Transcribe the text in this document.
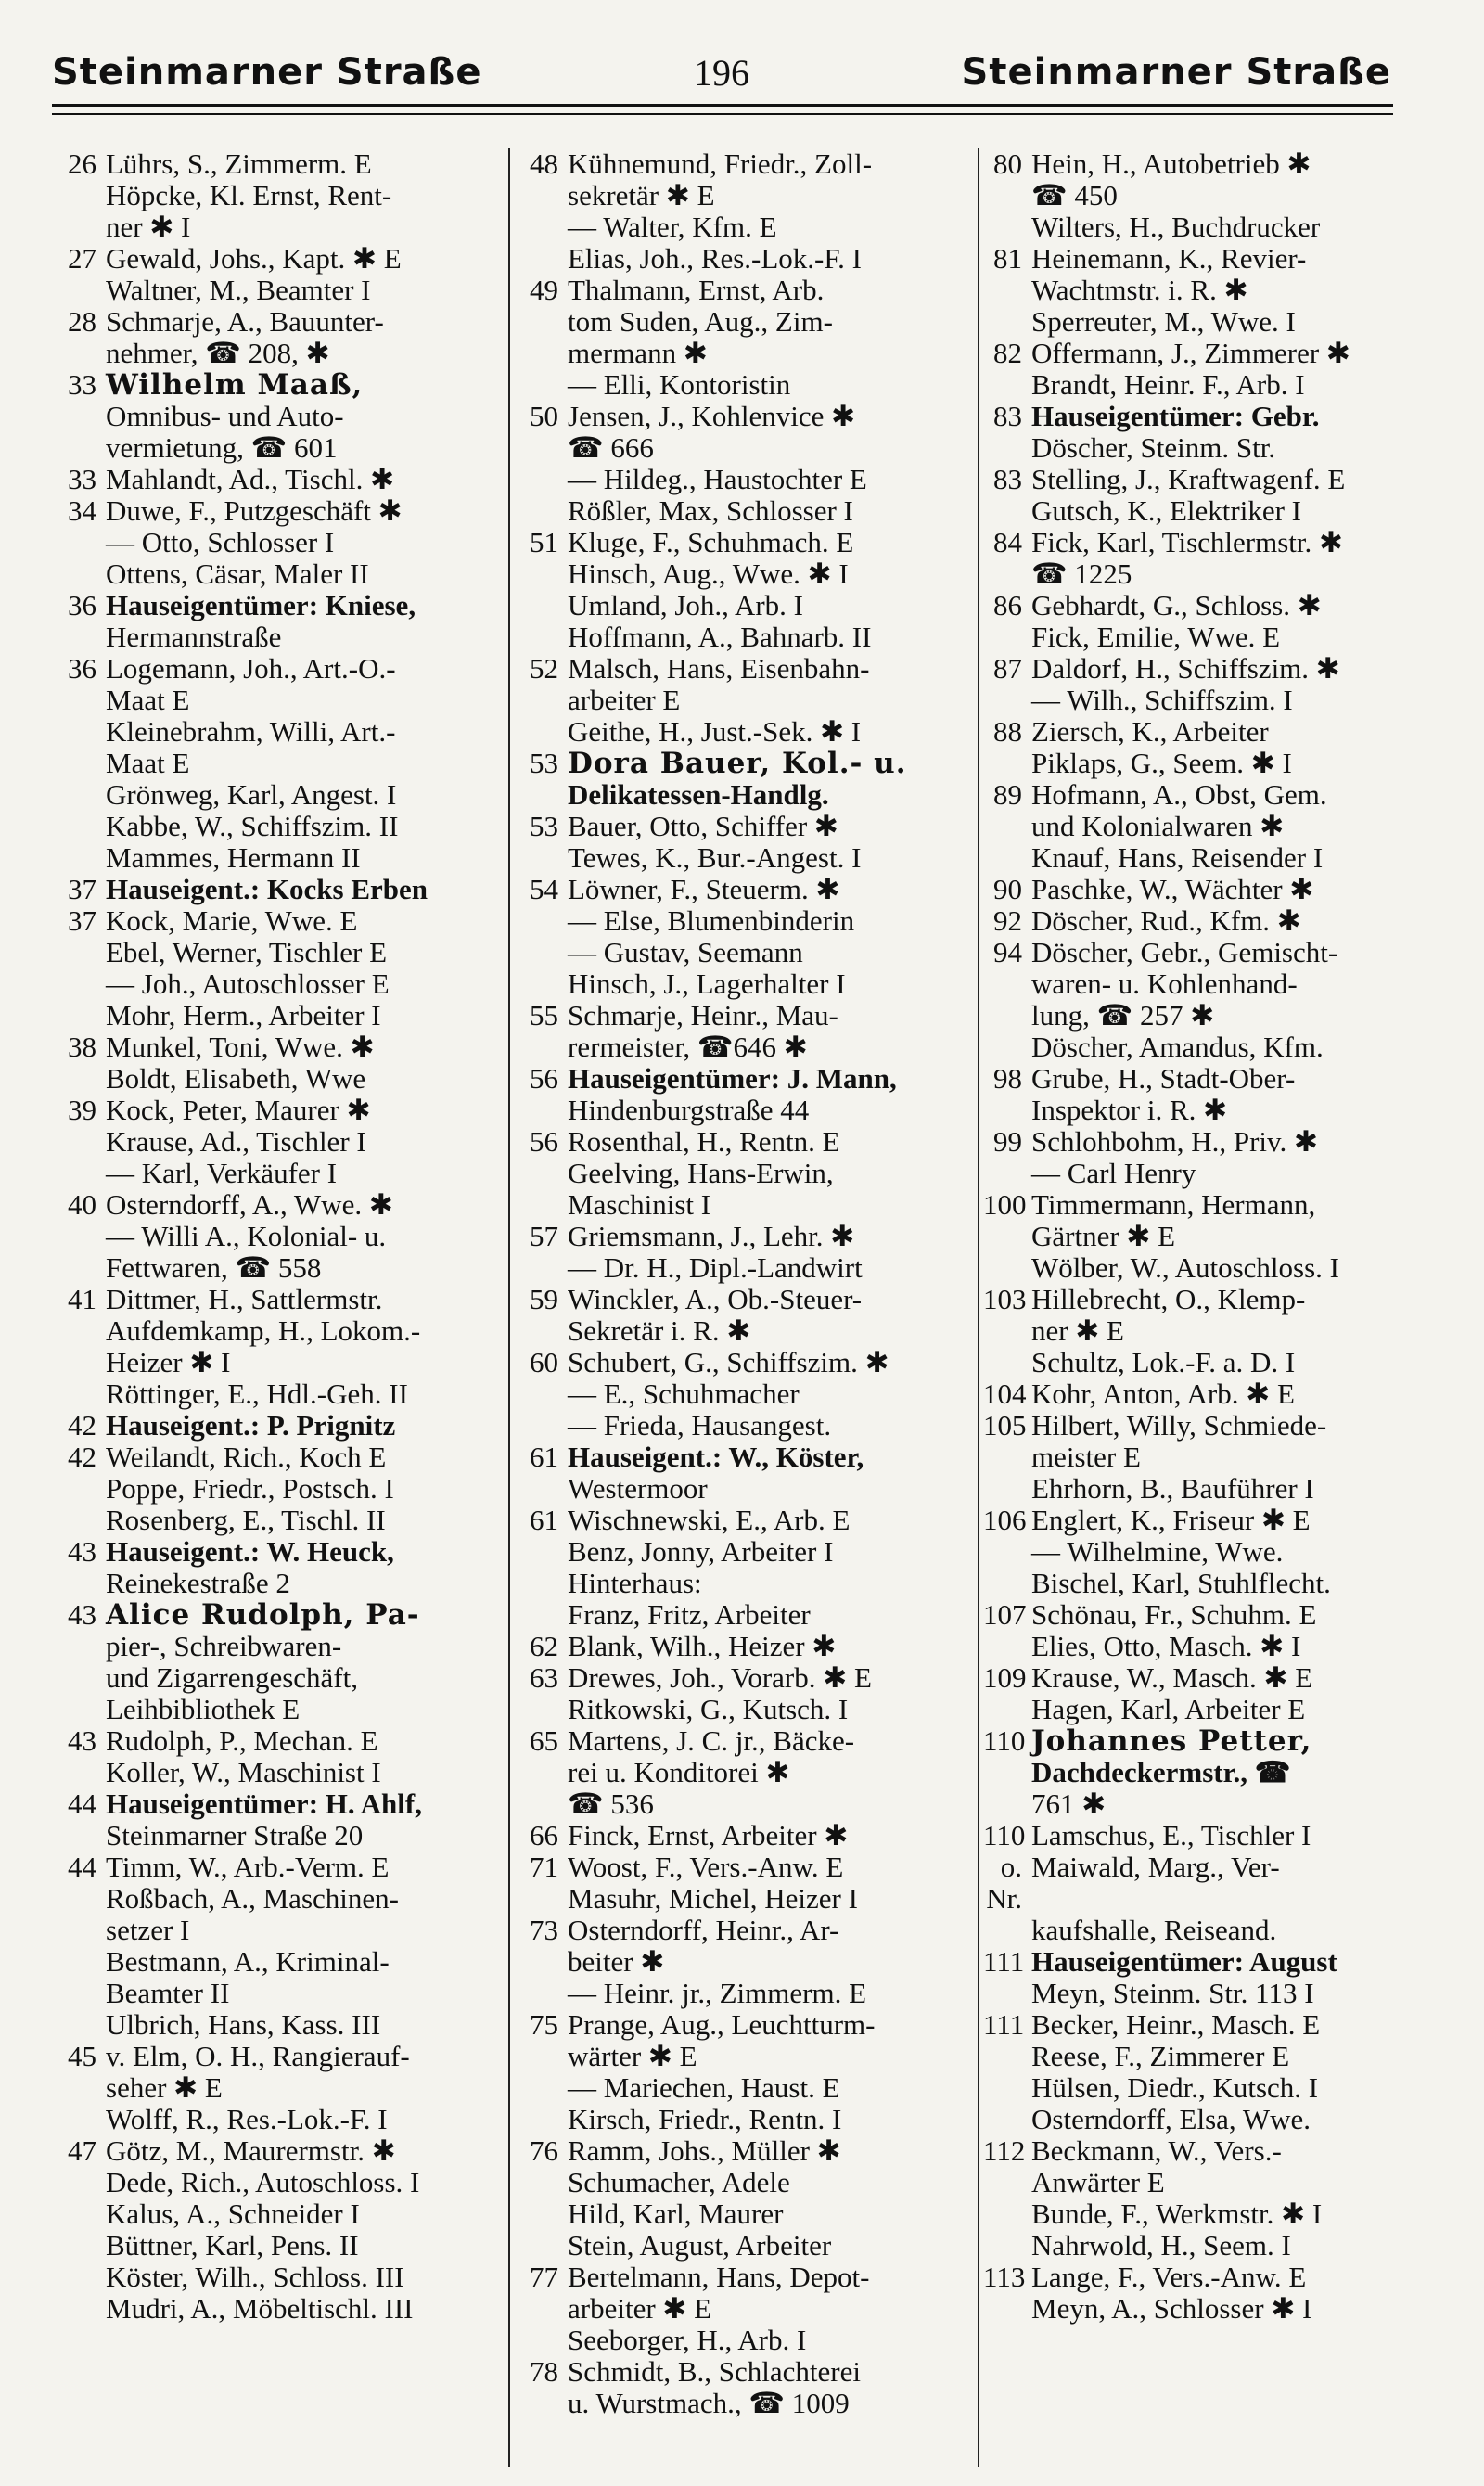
Steinmarner Straße	196	Steinmarner Straße
26 Lührs, S., Zimmerm. E
Höpcke, Kl. Ernst, Rent-
ner ✱ I
27 Gewald, Johs., Kapt. ✱ E
Waltner, M., Beamter I
28 Schmarje, A., Bauunter-
nehmer, ☎ 208, ✱
33 Wilhelm Maaß,
Omnibus- und Auto-
vermietung, ☎ 601
33 Mahlandt, Ad., Tischl. ✱
34 Duwe, F., Putzgeschäft ✱
— Otto, Schlosser I
Ottens, Cäsar, Maler II
36 Hauseigentümer: Kniese,
Hermannstraße
36 Logemann, Joh., Art.-O.-
Maat E
Kleinebrahm, Willi, Art.-
Maat E
Grönweg, Karl, Angest. I
Kabbe, W., Schiffszim. II
Mammes, Hermann II
37 Hauseigent.: Kocks Erben
37 Kock, Marie, Wwe. E
Ebel, Werner, Tischler E
— Joh., Autoschlosser E
Mohr, Herm., Arbeiter I
38 Munkel, Toni, Wwe. ✱
Boldt, Elisabeth, Wwe
39 Kock, Peter, Maurer ✱
Krause, Ad., Tischler I
— Karl, Verkäufer I
40 Osterndorff, A., Wwe. ✱
— Willi A., Kolonial- u.
Fettwaren, ☎ 558
41 Dittmer, H., Sattlermstr.
Aufdemkamp, H., Lokom.-
Heizer ✱ I
Röttinger, E., Hdl.-Geh. II
42 Hauseigent.: P. Prignitz
42 Weilandt, Rich., Koch E
Poppe, Friedr., Postsch. I
Rosenberg, E., Tischl. II
43 Hauseigent.: W. Heuck,
Reinekestraße 2
43 Alice Rudolph, Pa-
pier-, Schreibwaren-
und Zigarrengeschäft,
Leihbibliothek E
43 Rudolph, P., Mechan. E
Koller, W., Maschinist I
44 Hauseigentümer: H. Ahlf,
Steinmarner Straße 20
44 Timm, W., Arb.-Verm. E
Roßbach, A., Maschinen-
setzer I
Bestmann, A., Kriminal-
Beamter II
Ulbrich, Hans, Kass. III
45 v. Elm, O. H., Rangierauf-
seher ✱ E
Wolff, R., Res.-Lok.-F. I
47 Götz, M., Maurermstr. ✱
Dede, Rich., Autoschloss. I
Kalus, A., Schneider I
Büttner, Karl, Pens. II
Köster, Wilh., Schloss. III
Mudri, A., Möbeltischl. III
48 Kühnemund, Friedr., Zoll-
sekretär ✱ E
— Walter, Kfm. E
Elias, Joh., Res.-Lok.-F. I
49 Thalmann, Ernst, Arb.
tom Suden, Aug., Zim-
mermann ✱
— Elli, Kontoristin
50 Jensen, J., Kohlenvice ✱
☎ 666
— Hildeg., Haustochter E
Rößler, Max, Schlosser I
51 Kluge, F., Schuhmach. E
Hinsch, Aug., Wwe. ✱ I
Umland, Joh., Arb. I
Hoffmann, A., Bahnarb. II
52 Malsch, Hans, Eisenbahn-
arbeiter E
Geithe, H., Just.-Sek. ✱ I
53 Dora Bauer, Kol.- u.
Delikatessen-Handlg.
53 Bauer, Otto, Schiffer ✱
Tewes, K., Bur.-Angest. I
54 Löwner, F., Steuerm. ✱
— Else, Blumenbinderin
— Gustav, Seemann
Hinsch, J., Lagerhalter I
55 Schmarje, Heinr., Mau-
rermeister, ☎646 ✱
56 Hauseigentümer: J. Mann,
Hindenburgstraße 44
56 Rosenthal, H., Rentn. E
Geelving, Hans-Erwin,
Maschinist I
57 Griemsmann, J., Lehr. ✱
— Dr. H., Dipl.-Landwirt
59 Winckler, A., Ob.-Steuer-
Sekretär i. R. ✱
60 Schubert, G., Schiffszim. ✱
— E., Schuhmacher
— Frieda, Hausangest.
61 Hauseigent.: W., Köster,
Westermoor
61 Wischnewski, E., Arb. E
Benz, Jonny, Arbeiter I
Hinterhaus:
Franz, Fritz, Arbeiter
62 Blank, Wilh., Heizer ✱
63 Drewes, Joh., Vorarb. ✱ E
Ritkowski, G., Kutsch. I
65 Martens, J. C. jr., Bäcke-
rei u. Konditorei ✱
☎ 536
66 Finck, Ernst, Arbeiter ✱
71 Woost, F., Vers.-Anw. E
Masuhr, Michel, Heizer I
73 Osterndorff, Heinr., Ar-
beiter ✱
— Heinr. jr., Zimmerm. E
75 Prange, Aug., Leuchtturm-
wärter ✱ E
— Mariechen, Haust. E
Kirsch, Friedr., Rentn. I
76 Ramm, Johs., Müller ✱
Schumacher, Adele
Hild, Karl, Maurer
Stein, August, Arbeiter
77 Bertelmann, Hans, Depot-
arbeiter ✱ E
Seeborger, H., Arb. I
78 Schmidt, B., Schlachterei
u. Wurstmach., ☎ 1009
80 Hein, H., Autobetrieb ✱
☎ 450
Wilters, H., Buchdrucker
81 Heinemann, K., Revier-
Wachtmstr. i. R. ✱
Sperreuter, M., Wwe. I
82 Offermann, J., Zimmerer ✱
Brandt, Heinr. F., Arb. I
83 Hauseigentümer: Gebr.
Döscher, Steinm. Str.
83 Stelling, J., Kraftwagenf. E
Gutsch, K., Elektriker I
84 Fick, Karl, Tischlermstr. ✱
☎ 1225
86 Gebhardt, G., Schloss. ✱
Fick, Emilie, Wwe. E
87 Daldorf, H., Schiffszim. ✱
— Wilh., Schiffszim. I
88 Ziersch, K., Arbeiter
Piklaps, G., Seem. ✱ I
89 Hofmann, A., Obst, Gem.
und Kolonialwaren ✱
Knauf, Hans, Reisender I
90 Paschke, W., Wächter ✱
92 Döscher, Rud., Kfm. ✱
94 Döscher, Gebr., Gemischt-
waren- u. Kohlenhand-
lung, ☎ 257 ✱
Döscher, Amandus, Kfm.
98 Grube, H., Stadt-Ober-
Inspektor i. R. ✱
99 Schlohbohm, H., Priv. ✱
— Carl Henry
100 Timmermann, Hermann,
Gärtner ✱ E
Wölber, W., Autoschloss. I
103 Hillebrecht, O., Klemp-
ner ✱ E
Schultz, Lok.-F. a. D. I
104 Kohr, Anton, Arb. ✱ E
105 Hilbert, Willy, Schmiede-
meister E
Ehrhorn, B., Bauführer I
106 Englert, K., Friseur ✱ E
— Wilhelmine, Wwe.
Bischel, Karl, Stuhlflecht.
107 Schönau, Fr., Schuhm. E
Elies, Otto, Masch. ✱ I
109 Krause, W., Masch. ✱ E
Hagen, Karl, Arbeiter E
110 Johannes Petter,
Dachdeckermstr., ☎
761 ✱
110 Lamschus, E., Tischler I
o. Nr.
Maiwald, Marg., Ver-
kaufshalle, Reiseand.
111 Hauseigentümer: August
Meyn, Steinm. Str. 113 I
111 Becker, Heinr., Masch. E
Reese, F., Zimmerer E
Hülsen, Diedr., Kutsch. I
Osterndorff, Elsa, Wwe.
112 Beckmann, W., Vers.-
Anwärter E
Bunde, F., Werkmstr. ✱ I
Nahrwold, H., Seem. I
113 Lange, F., Vers.-Anw. E
Meyn, A., Schlosser ✱ I
